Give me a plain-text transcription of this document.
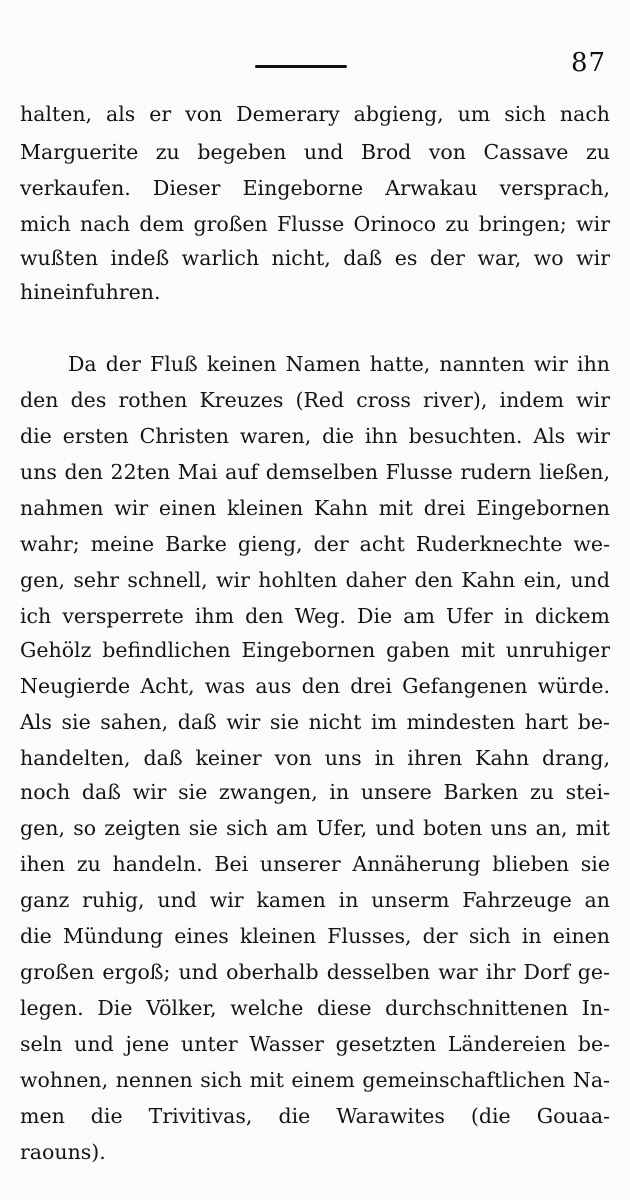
87
halten, als er von Demerary abgieng, um sich nach
Marguerite zu begeben und Brod von Cassave zu
verkaufen. Dieser Eingeborne Arwakau versprach,
mich nach dem großen Flusse Orinoco zu bringen; wir
wußten indeß warlich nicht, daß es der war, wo wir
hineinfuhren.
Da der Fluß keinen Namen hatte, nannten wir ihn
den des rothen Kreuzes (Red cross river), indem wir
die ersten Christen waren, die ihn besuchten. Als wir
uns den 22ten Mai auf demselben Flusse rudern ließen,
nahmen wir einen kleinen Kahn mit drei Eingebornen
wahr; meine Barke gieng, der acht Ruderknechte we-
gen, sehr schnell, wir hohlten daher den Kahn ein, und
ich versperrete ihm den Weg. Die am Ufer in dickem
Gehölz befindlichen Eingebornen gaben mit unruhiger
Neugierde Acht, was aus den drei Gefangenen würde.
Als sie sahen, daß wir sie nicht im mindesten hart be-
handelten, daß keiner von uns in ihren Kahn drang,
noch daß wir sie zwangen, in unsere Barken zu stei-
gen, so zeigten sie sich am Ufer, und boten uns an, mit
ihen zu handeln. Bei unserer Annäherung blieben sie
ganz ruhig, und wir kamen in unserm Fahrzeuge an
die Mündung eines kleinen Flusses, der sich in einen
großen ergoß; und oberhalb desselben war ihr Dorf ge-
legen. Die Völker, welche diese durchschnittenen In-
seln und jene unter Wasser gesetzten Ländereien be-
wohnen, nennen sich mit einem gemeinschaftlichen Na-
men die Trivitivas, die Warawites (die Gouaa-
raouns).
